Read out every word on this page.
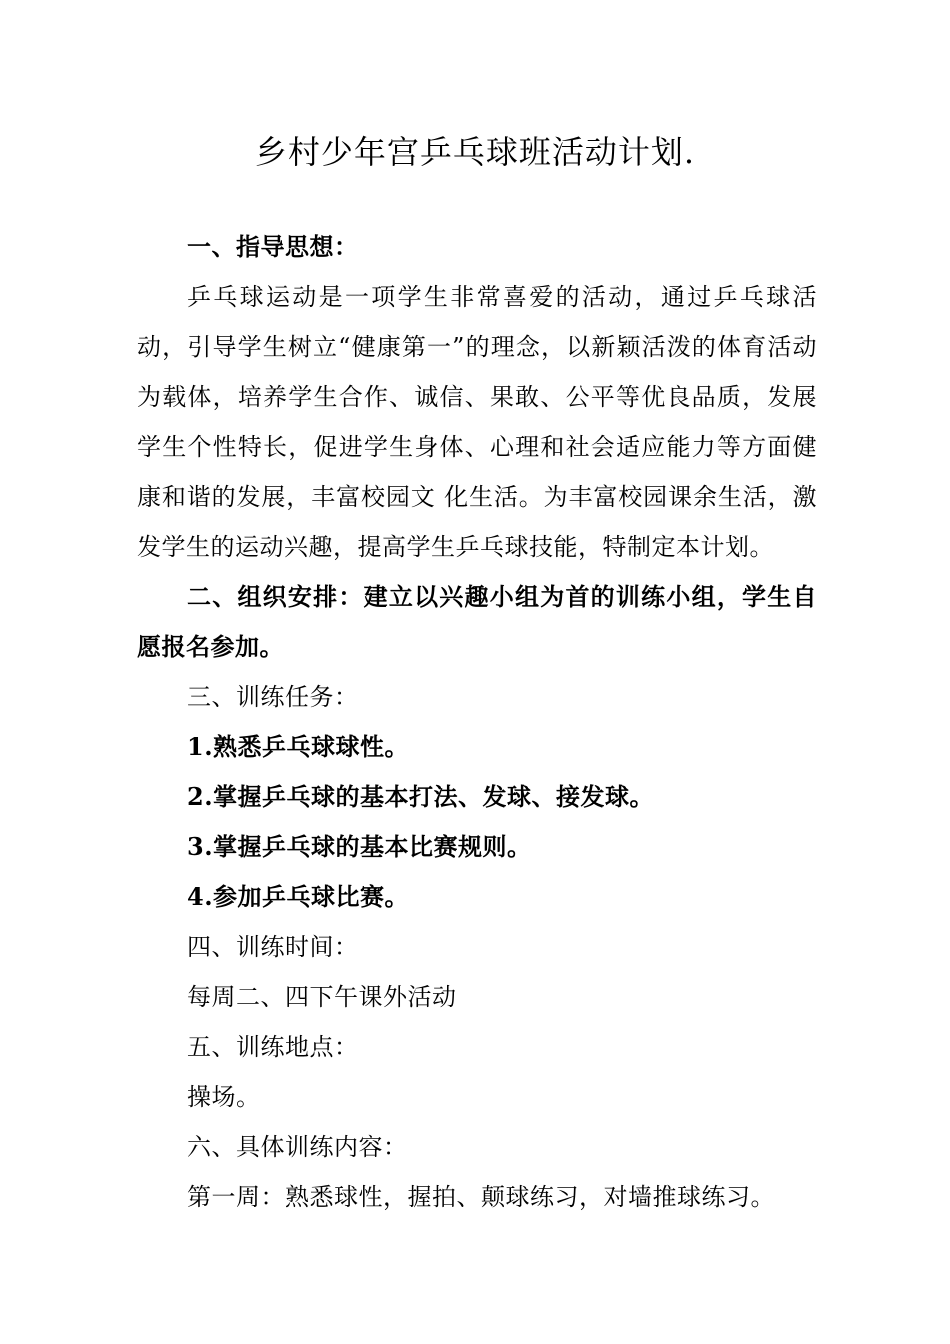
乡村少年宫乒乓球班活动计划.

一、指导思想：

乒乓球运动是一项学生非常喜爱的活动，通过乒乓球活动，引导学生树立“健康第一”的理念，以新颖活泼的体育活动为载体，培养学生合作、诚信、果敢、公平等优良品质，发展学生个性特长，促进学生身体、心理和社会适应能力等方面健康和谐的发展，丰富校园文 化生活。为丰富校园课余生活，激发学生的运动兴趣，提高学生乒乓球技能，特制定本计划。

二、组织安排：建立以兴趣小组为首的训练小组，学生自愿报名参加。

三、训练任务：

1.熟悉乒乓球球性。

2.掌握乒乓球的基本打法、发球、接发球。

3.掌握乒乓球的基本比赛规则。

4.参加乒乓球比赛。

四、训练时间：

每周二、四下午课外活动

五、训练地点：

操场。

六、具体训练内容：

第一周：熟悉球性，握拍、颠球练习，对墙推球练习。
